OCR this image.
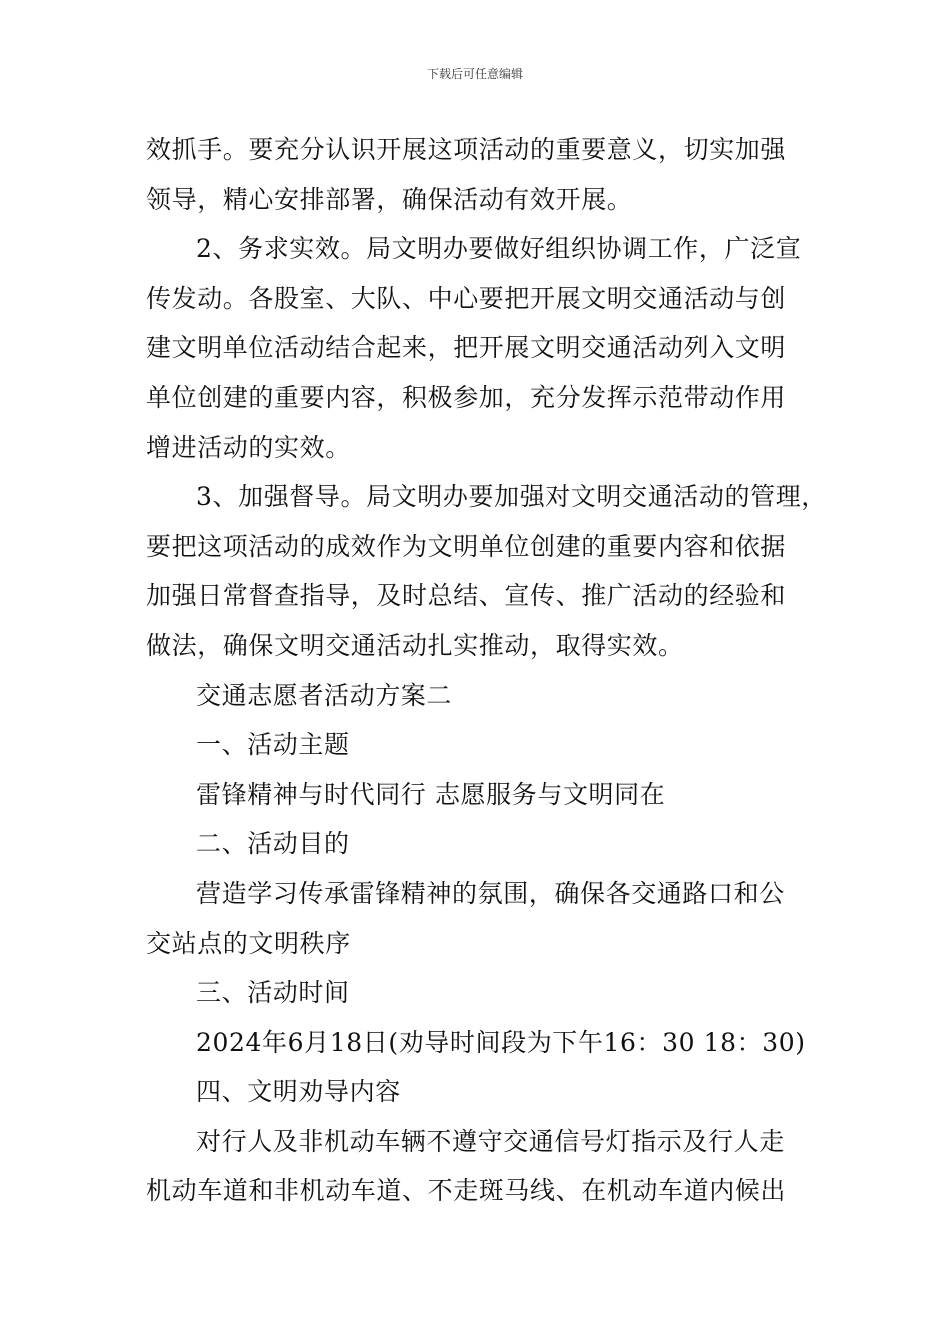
下载后可任意编辑
效抓手。要充分认识开展这项活动的重要意义，切实加强
领导，精心安排部署，确保活动有效开展。
2、务求实效。局文明办要做好组织协调工作，广泛宣
传发动。各股室、大队、中心要把开展文明交通活动与创
建文明单位活动结合起来，把开展文明交通活动列入文明
单位创建的重要内容，积极参加，充分发挥示范带动作用
增进活动的实效。
3、加强督导。局文明办要加强对文明交通活动的管理，
要把这项活动的成效作为文明单位创建的重要内容和依据
加强日常督查指导，及时总结、宣传、推广活动的经验和
做法，确保文明交通活动扎实推动，取得实效。
交通志愿者活动方案二
一、活动主题
雷锋精神与时代同行 志愿服务与文明同在
二、活动目的
营造学习传承雷锋精神的氛围，确保各交通路口和公
交站点的文明秩序
三、活动时间
2024年6月18日(劝导时间段为下午16：30 18：30)
四、文明劝导内容
对行人及非机动车辆不遵守交通信号灯指示及行人走
机动车道和非机动车道、不走斑马线、在机动车道内候出
